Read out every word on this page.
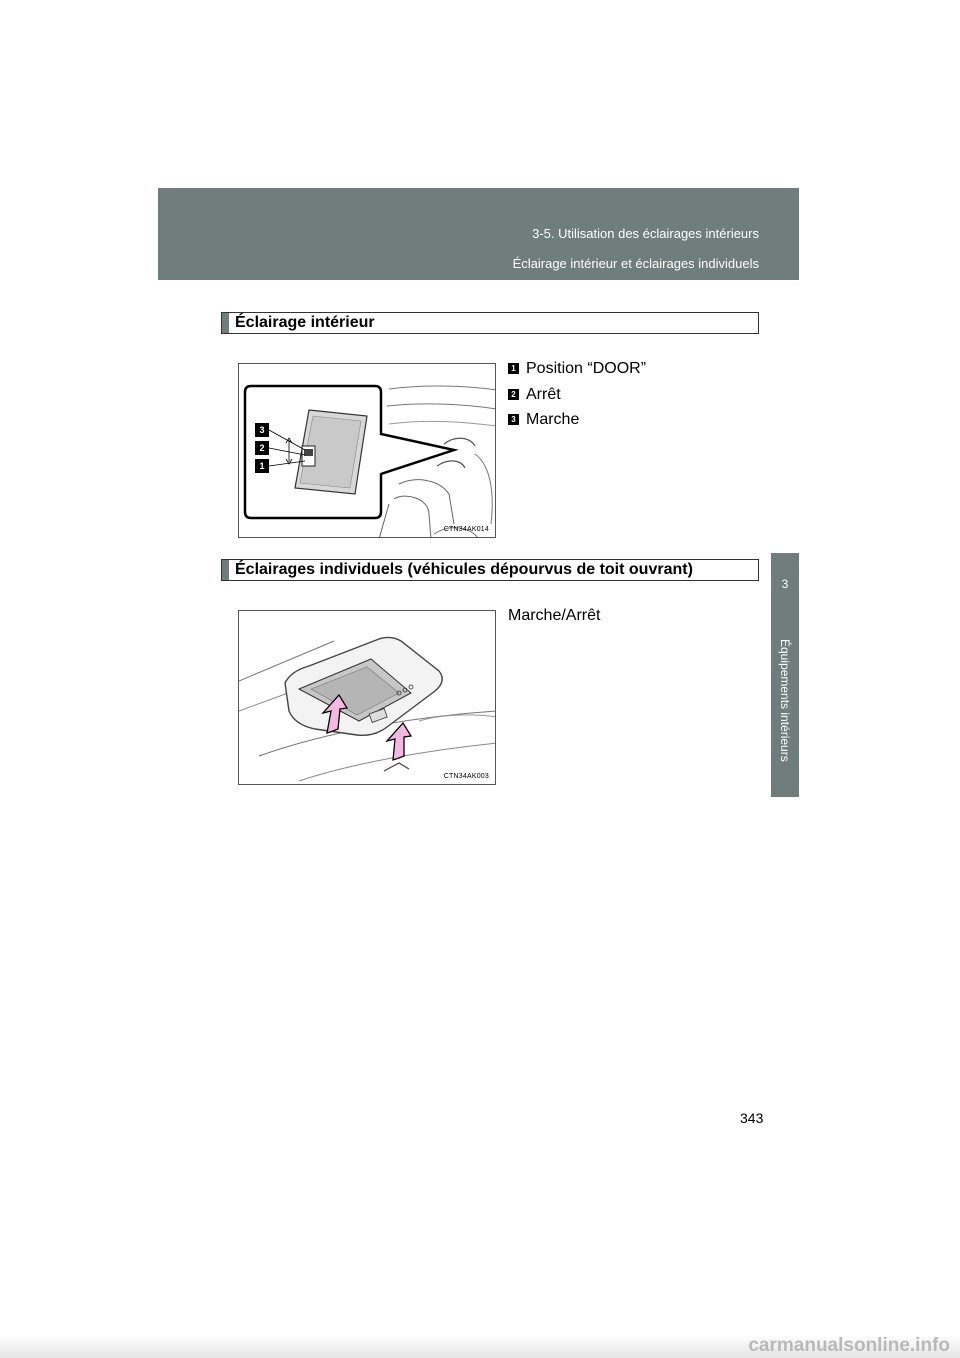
3-5. Utilisation des éclairages intérieurs
Éclairage intérieur et éclairages individuels
3
Équipements intérieurs
Éclairage intérieur
3
2
1
CTN34AK014
1 Position “DOOR”
2 Arrêt
3 Marche
Éclairages individuels (véhicules dépourvus de toit ouvrant)
CTN34AK003
Marche/Arrêt
343
carmanualsonline.info
